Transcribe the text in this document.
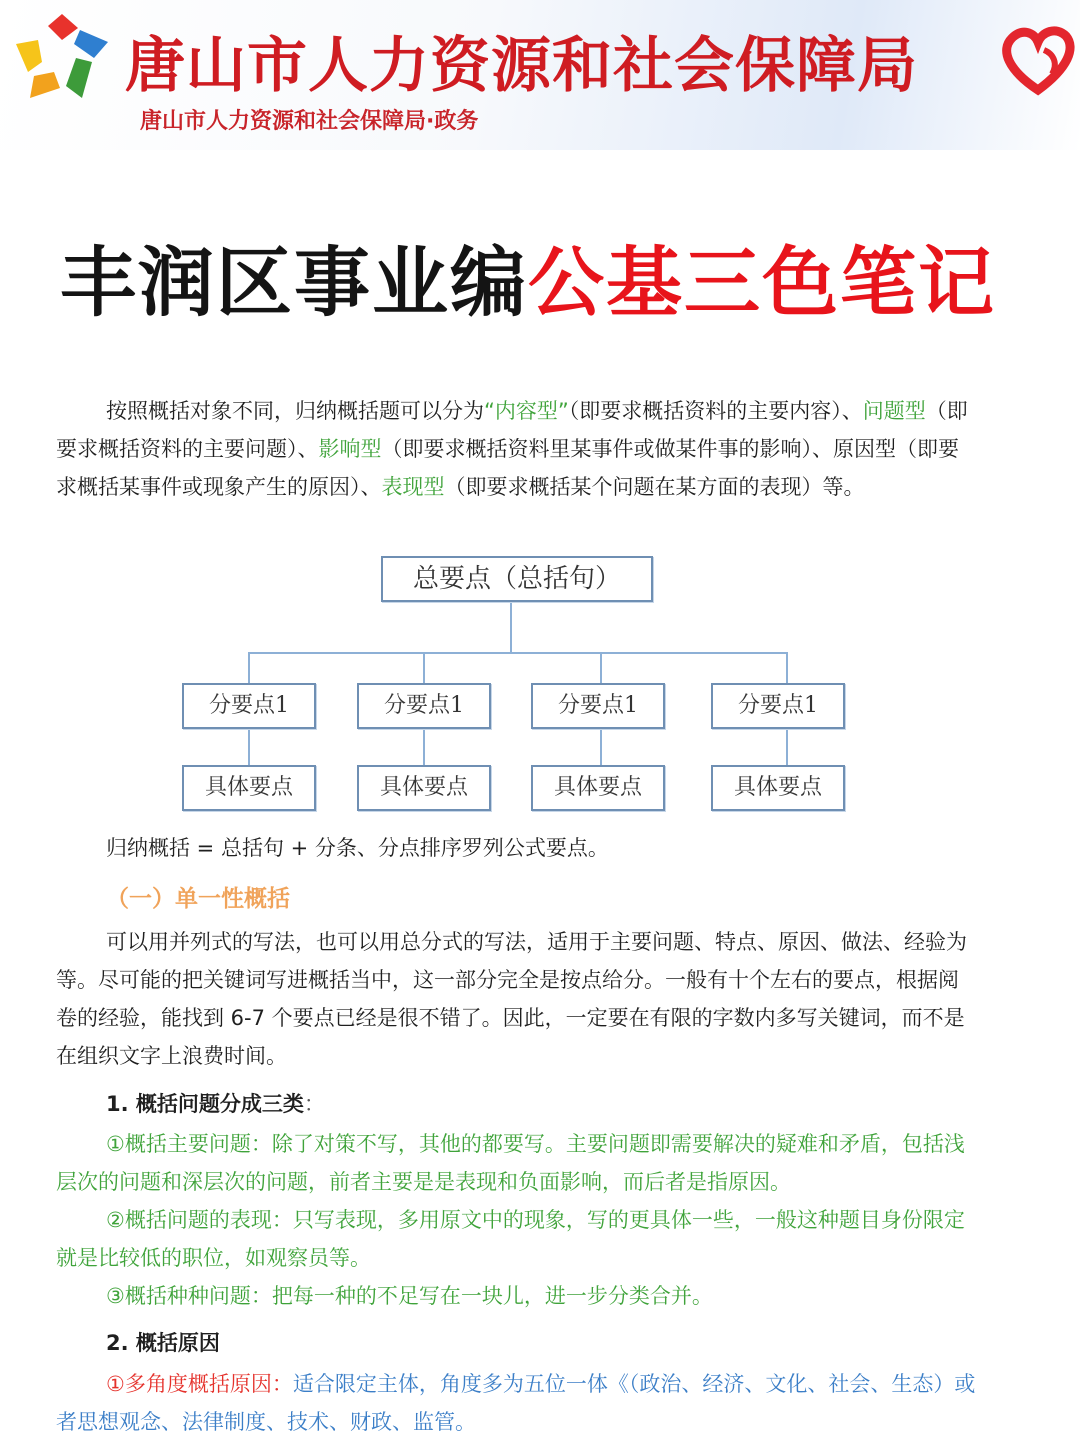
唐山市人力资源和社会保障局
唐山市人力资源和社会保障局·政务
丰润区事业编公基三色笔记

按照概括对象不同，归纳概括题可以分为“内容型”（即要求概括资料的主要内容）、问题型（即要求概括资料的主要问题）、影响型（即要求概括资料里某事件或做某件事的影响）、原因型（即要求概括某事件或现象产生的原因）、表现型（即要求概括某个问题在某方面的表现）等。

总要点（总括句）
分要点1	分要点1	分要点1	分要点1
具体要点	具体要点	具体要点	具体要点
归纳概括 = 总括句 + 分条、分点排序罗列公式要点。
（一）单一性概括

可以用并列式的写法，也可以用总分式的写法，适用于主要问题、特点、原因、做法、经验为等。尽可能的把关键词写进概括当中，这一部分完全是按点给分。一般有十个左右的要点，根据阅卷的经验，能找到 6-7 个要点已经是很不错了。因此，一定要在有限的字数内多写关键词，而不是在组织文字上浪费时间。

1. 概括问题分成三类：

①概括主要问题：除了对策不写，其他的都要写。主要问题即需要解决的疑难和矛盾，包括浅层次的问题和深层次的问题，前者主要是是表现和负面影响，而后者是指原因。

②概括问题的表现：只写表现，多用原文中的现象，写的更具体一些，一般这种题目身份限定就是比较低的职位，如观察员等。

③概括种种问题：把每一种的不足写在一块儿，进一步分类合并。

2. 概括原因

①多角度概括原因：适合限定主体，角度多为五位一体《（政治、经济、文化、社会、生态）或者思想观念、法律制度、技术、财政、监管。
